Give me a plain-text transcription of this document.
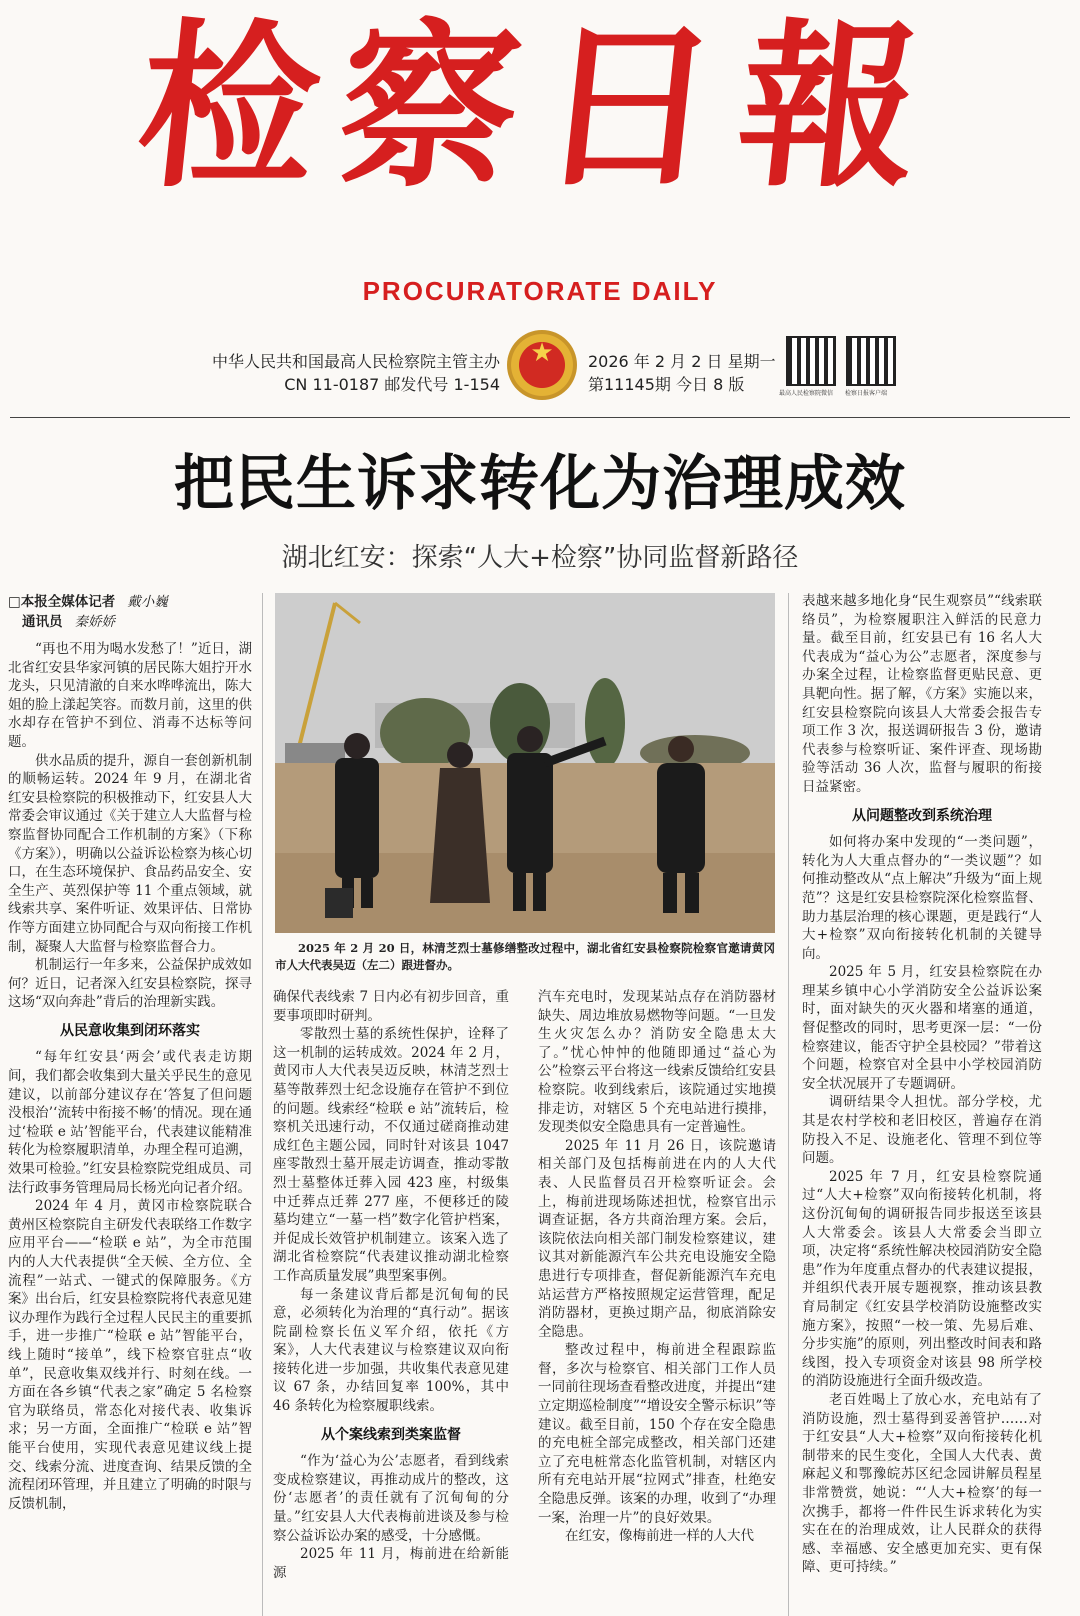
检察日報
PROCURATORATE DAILY
中华人民共和国最高人民检察院主管主办
CN 11-0187 邮发代号 1-154
★	2026 年 2 月 2 日 星期一
第11145期 今日 8 版	最高人民检察院微信 检察日报客户端
把民生诉求转化为治理成效
湖北红安：探索“人大+检察”协同监督新路径
□本报全媒体记者 戴小巍
通讯员 秦娇娇

“再也不用为喝水发愁了！”近日，湖北省红安县华家河镇的居民陈大姐拧开水龙头，只见清澈的自来水哗哗流出，陈大姐的脸上漾起笑容。而数月前，这里的供水却存在管护不到位、消毒不达标等问题。

供水品质的提升，源自一套创新机制的顺畅运转。2024 年 9 月，在湖北省红安县检察院的积极推动下，红安县人大常委会审议通过《关于建立人大监督与检察监督协同配合工作机制的方案》（下称《方案》），明确以公益诉讼检察为核心切口，在生态环境保护、食品药品安全、安全生产、英烈保护等 11 个重点领域，就线索共享、案件听证、效果评估、日常协作等方面建立协同配合与双向衔接工作机制，凝聚人大监督与检察监督合力。

机制运行一年多来，公益保护成效如何？近日，记者深入红安县检察院，探寻这场“双向奔赴”背后的治理新实践。

从民意收集到闭环落实

“每年红安县‘两会’或代表走访期间，我们都会收集到大量关乎民生的意见建议，以前部分建议存在‘答复了但问题没根治’‘流转中衔接不畅’的情况。现在通过‘检联 e 站’智能平台，代表建议能精准转化为检察履职清单，办理全程可追溯，效果可检验。”红安县检察院党组成员、司法行政事务管理局局长杨光向记者介绍。

2024 年 4 月，黄冈市检察院联合黄州区检察院自主研发代表联络工作数字应用平台——“检联 e 站”，为全市范围内的人大代表提供“全天候、全方位、全流程”一站式、一键式的保障服务。《方案》出台后，红安县检察院将代表意见建议办理作为践行全过程人民民主的重要抓手，进一步推广“检联 e 站”智能平台，线上随时“接单”，线下检察官驻点“收单”，民意收集双线并行、时刻在线。一方面在各乡镇“代表之家”确定 5 名检察官为联络员，常态化对接代表、收集诉求；另一方面，全面推广“检联 e 站”智能平台使用，实现代表意见建议线上提交、线索分流、进度查询、结果反馈的全流程闭环管理，并且建立了明确的时限与反馈机制，

2025 年 2 月 20 日，林清芝烈士墓修缮整改过程中，湖北省红安县检察院检察官邀请黄冈市人大代表吴迈（左二）跟进督办。

确保代表线索 7 日内必有初步回音，重要事项即时研判。

零散烈士墓的系统性保护，诠释了这一机制的运转成效。2024 年 2 月，黄冈市人大代表吴迈反映，林清芝烈士墓等散葬烈士纪念设施存在管护不到位的问题。线索经“检联 e 站”流转后，检察机关迅速行动，不仅通过磋商推动建成红色主题公园，同时针对该县 1047 座零散烈士墓开展走访调查，推动零散烈士墓整体迁葬入园 423 座，村级集中迁葬点迁葬 277 座，不便移迁的陵墓均建立“一墓一档”数字化管护档案，并促成长效管护机制建立。该案入选了湖北省检察院“代表建议推动湖北检察工作高质量发展”典型案事例。

每一条建议背后都是沉甸甸的民意，必须转化为治理的“真行动”。据该院副检察长伍义军介绍，依托《方案》，人大代表建议与检察建议双向衔接转化进一步加强，共收集代表意见建议 67 条，办结回复率 100%，其中 46 条转化为检察履职线索。

从个案线索到类案监督

“作为‘益心为公’志愿者，看到线索变成检察建议，再推动成片的整改，这份‘志愿者’的责任就有了沉甸甸的分量。”红安县人大代表梅前进谈及参与检察公益诉讼办案的感受，十分感慨。

2025 年 11 月，梅前进在给新能源

汽车充电时，发现某站点存在消防器材缺失、周边堆放易燃物等问题。“一旦发生火灾怎么办？消防安全隐患太大了。”忧心忡忡的他随即通过“益心为公”检察云平台将这一线索反馈给红安县检察院。收到线索后，该院通过实地摸排走访，对辖区 5 个充电站进行摸排，发现类似安全隐患具有一定普遍性。

2025 年 11 月 26 日，该院邀请相关部门及包括梅前进在内的人大代表、人民监督员召开检察听证会。会上，梅前进现场陈述担忧，检察官出示调查证据，各方共商治理方案。会后，该院依法向相关部门制发检察建议，建议其对新能源汽车公共充电设施安全隐患进行专项排查，督促新能源汽车充电站运营方严格按照规定运营管理，配足消防器材，更换过期产品，彻底消除安全隐患。

整改过程中，梅前进全程跟踪监督，多次与检察官、相关部门工作人员一同前往现场查看整改进度，并提出“建立定期巡检制度”“增设安全警示标识”等建议。截至目前，150 个存在安全隐患的充电桩全部完成整改，相关部门还建立了充电桩常态化监管机制，对辖区内所有充电站开展“拉网式”排查，杜绝安全隐患反弹。该案的办理，收到了“办理一案，治理一片”的良好效果。

在红安，像梅前进一样的人大代

表越来越多地化身“民生观察员”“线索联络员”，为检察履职注入鲜活的民意力量。截至目前，红安县已有 16 名人大代表成为“益心为公”志愿者，深度参与办案全过程，让检察监督更贴民意、更具靶向性。据了解，《方案》实施以来，红安县检察院向该县人大常委会报告专项工作 3 次，报送调研报告 3 份，邀请代表参与检察听证、案件评查、现场勘验等活动 36 人次，监督与履职的衔接日益紧密。

从问题整改到系统治理

如何将办案中发现的“一类问题”，转化为人大重点督办的“一类议题”？如何推动整改从“点上解决”升级为“面上规范”？这是红安县检察院深化检察监督、助力基层治理的核心课题，更是践行“人大+检察”双向衔接转化机制的关键导向。

2025 年 5 月，红安县检察院在办理某乡镇中心小学消防安全公益诉讼案时，面对缺失的灭火器和堵塞的通道，督促整改的同时，思考更深一层：“一份检察建议，能否守护全县校园？”带着这个问题，检察官对全县中小学校园消防安全状况展开了专题调研。

调研结果令人担忧。部分学校，尤其是农村学校和老旧校区，普遍存在消防投入不足、设施老化、管理不到位等问题。

2025 年 7 月，红安县检察院通过“人大+检察”双向衔接转化机制，将这份沉甸甸的调研报告同步报送至该县人大常委会。该县人大常委会当即立项，决定将“系统性解决校园消防安全隐患”作为年度重点督办的代表建议提报，并组织代表开展专题视察，推动该县教育局制定《红安县学校消防设施整改实施方案》，按照“一校一策、先易后难、分步实施”的原则，列出整改时间表和路线图，投入专项资金对该县 98 所学校的消防设施进行全面升级改造。

老百姓喝上了放心水，充电站有了消防设施，烈士墓得到妥善管护……对于红安县“人大+检察”双向衔接转化机制带来的民生变化，全国人大代表、黄麻起义和鄂豫皖苏区纪念园讲解员程星非常赞赏，她说：“‘人大+检察’的每一次携手，都将一件件民生诉求转化为实实在在的治理成效，让人民群众的获得感、幸福感、安全感更加充实、更有保障、更可持续。”
